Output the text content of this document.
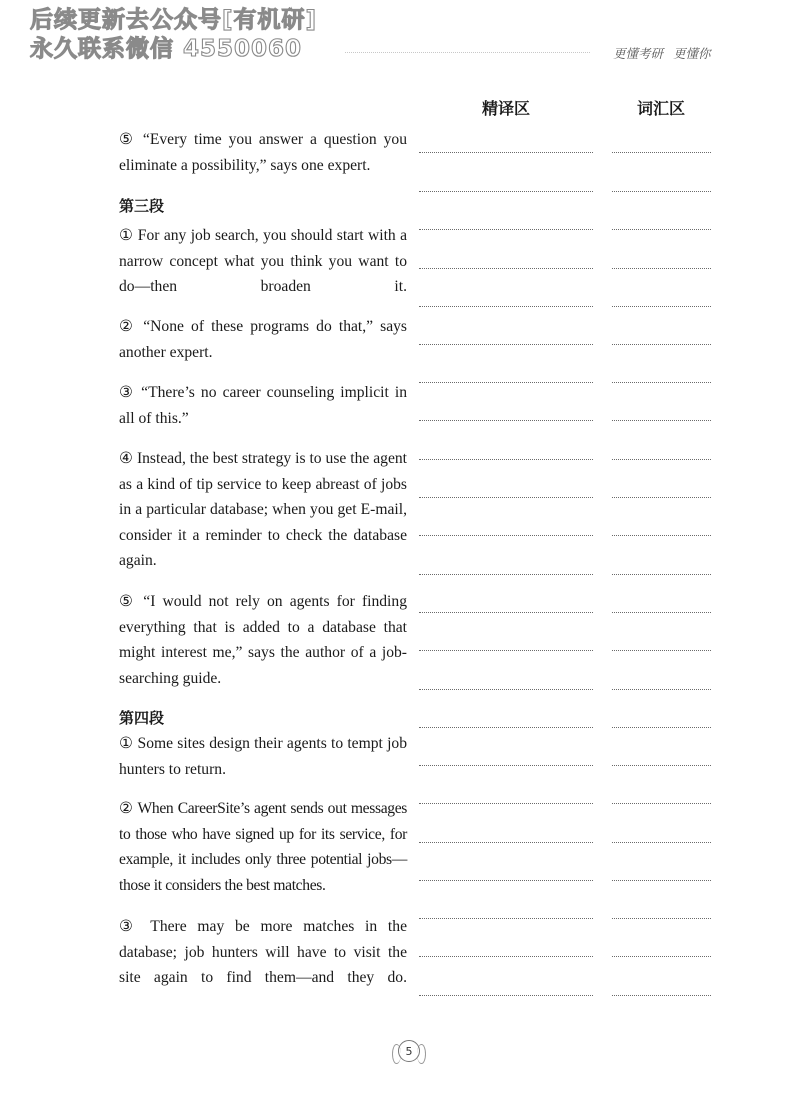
后续更新去公众号[有机研]
永久联系微信 4550060	更懂考研 更懂你
精译区	词汇区
⑤ “Every time you answer a question you eliminate a possibility,” says one expert.
第三段
① For any job search, you should start with a narrow concept what you think you want to do—then broaden it.
② “None of these programs do that,” says another expert.
③ “There’s no career counseling implicit in all of this.”
④ Instead, the best strategy is to use the agent as a kind of tip service to keep abreast of jobs in a particular database; when you get E-mail, consider it a reminder to check the database again.
⑤ “I would not rely on agents for finding everything that is added to a database that might interest me,” says the author of a job-searching guide.
第四段
① Some sites design their agents to tempt job hunters to return.
② When CareerSite’s agent sends out messages to those who have signed up for its service, for example, it includes only three potential jobs—those it considers the best matches.
③ There may be more matches in the database; job hunters will have to visit the site again to find them—and they do.
5
